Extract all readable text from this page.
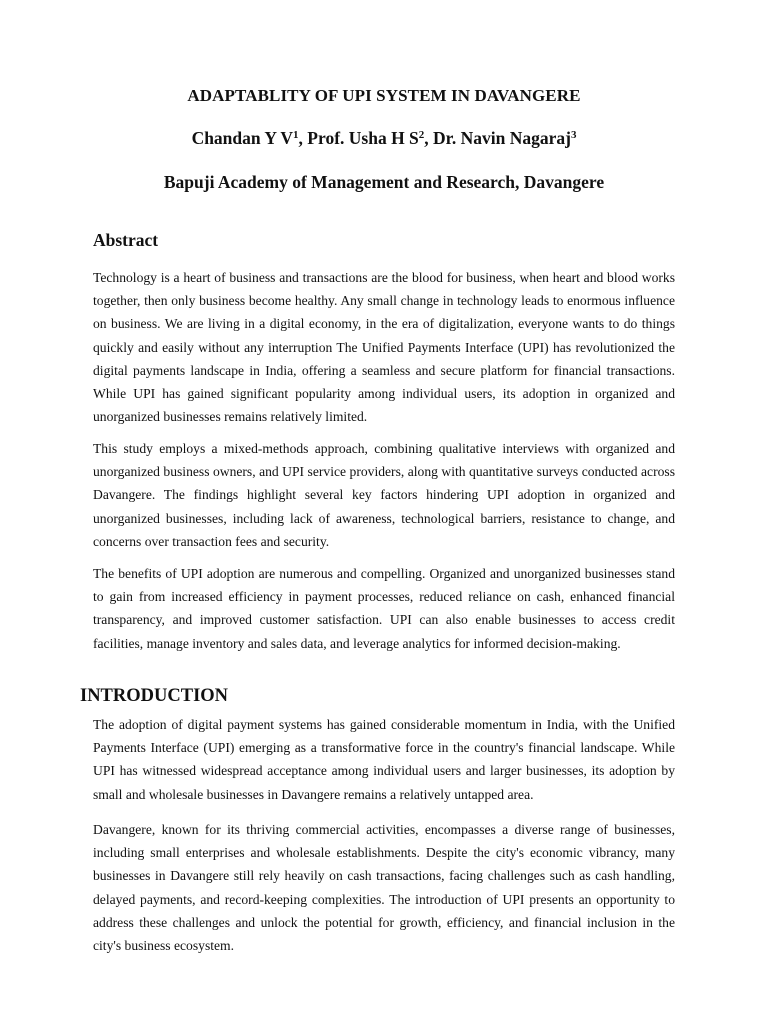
ADAPTABLITY OF UPI SYSTEM IN DAVANGERE
Chandan Y $V^1$, Prof. Usha H $S^2$, Dr. Navin Nagaraj$^3$
Bapuji Academy of Management and Research, Davangere
Abstract

Technology is a heart of business and transactions are the blood for business, when heart and blood works together, then only business become healthy. Any small change in technology leads to enormous influence on business. We are living in a digital economy, in the era of digitalization, everyone wants to do things quickly and easily without any interruption The Unified Payments Interface (UPI) has revolutionized the digital payments landscape in India, offering a seamless and secure platform for financial transactions. While UPI has gained significant popularity among individual users, its adoption in organized and unorganized businesses remains relatively limited.

This study employs a mixed-methods approach, combining qualitative interviews with organized and unorganized business owners, and UPI service providers, along with quantitative surveys conducted across Davangere. The findings highlight several key factors hindering UPI adoption in organized and unorganized businesses, including lack of awareness, technological barriers, resistance to change, and concerns over transaction fees and security.

The benefits of UPI adoption are numerous and compelling. Organized and unorganized businesses stand to gain from increased efficiency in payment processes, reduced reliance on cash, enhanced financial transparency, and improved customer satisfaction. UPI can also enable businesses to access credit facilities, manage inventory and sales data, and leverage analytics for informed decision-making.

INTRODUCTION

The adoption of digital payment systems has gained considerable momentum in India, with the Unified Payments Interface (UPI) emerging as a transformative force in the country's financial landscape. While UPI has witnessed widespread acceptance among individual users and larger businesses, its adoption by small and wholesale businesses in Davangere remains a relatively untapped area.

Davangere, known for its thriving commercial activities, encompasses a diverse range of businesses, including small enterprises and wholesale establishments. Despite the city's economic vibrancy, many businesses in Davangere still rely heavily on cash transactions, facing challenges such as cash handling, delayed payments, and record-keeping complexities. The introduction of UPI presents an opportunity to address these challenges and unlock the potential for growth, efficiency, and financial inclusion in the city's business ecosystem.
